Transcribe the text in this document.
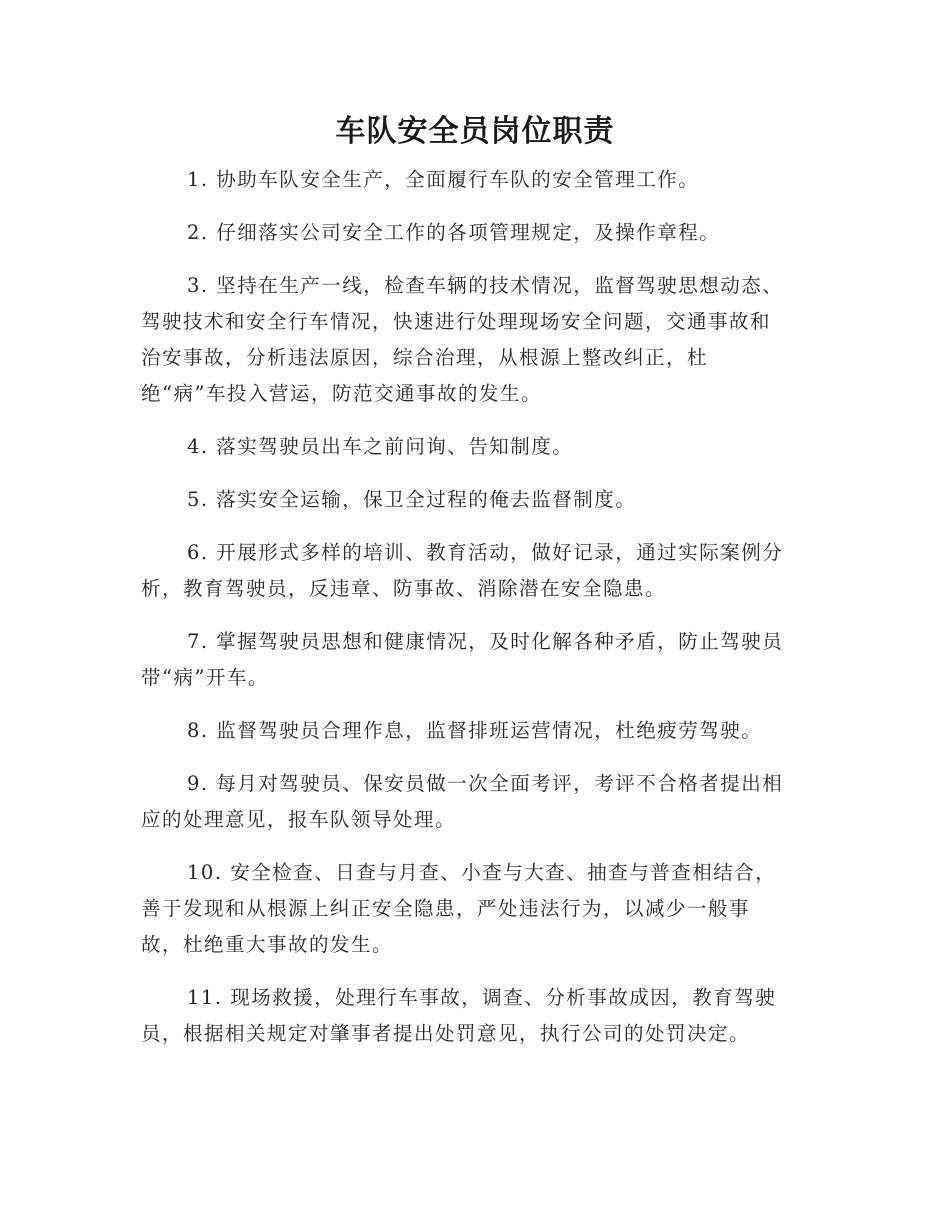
车队安全员岗位职责
1. 协助车队安全生产，全面履行车队的安全管理工作。
2. 仔细落实公司安全工作的各项管理规定，及操作章程。
3. 坚持在生产一线，检查车辆的技术情况，监督驾驶思想动态、
驾驶技术和安全行车情况，快速进行处理现场安全问题，交通事故和
治安事故，分析违法原因，综合治理，从根源上整改纠正，杜
绝“病”车投入营运，防范交通事故的发生。
4. 落实驾驶员出车之前问询、告知制度。
5. 落实安全运输，保卫全过程的俺去监督制度。
6. 开展形式多样的培训、教育活动，做好记录，通过实际案例分
析，教育驾驶员，反违章、防事故、消除潜在安全隐患。
7. 掌握驾驶员思想和健康情况，及时化解各种矛盾，防止驾驶员
带“病”开车。
8. 监督驾驶员合理作息，监督排班运营情况，杜绝疲劳驾驶。
9. 每月对驾驶员、保安员做一次全面考评，考评不合格者提出相
应的处理意见，报车队领导处理。
10. 安全检查、日查与月查、小查与大查、抽查与普查相结合，
善于发现和从根源上纠正安全隐患，严处违法行为，以减少一般事
故，杜绝重大事故的发生。
11. 现场救援，处理行车事故，调查、分析事故成因，教育驾驶
员，根据相关规定对肇事者提出处罚意见，执行公司的处罚决定。
